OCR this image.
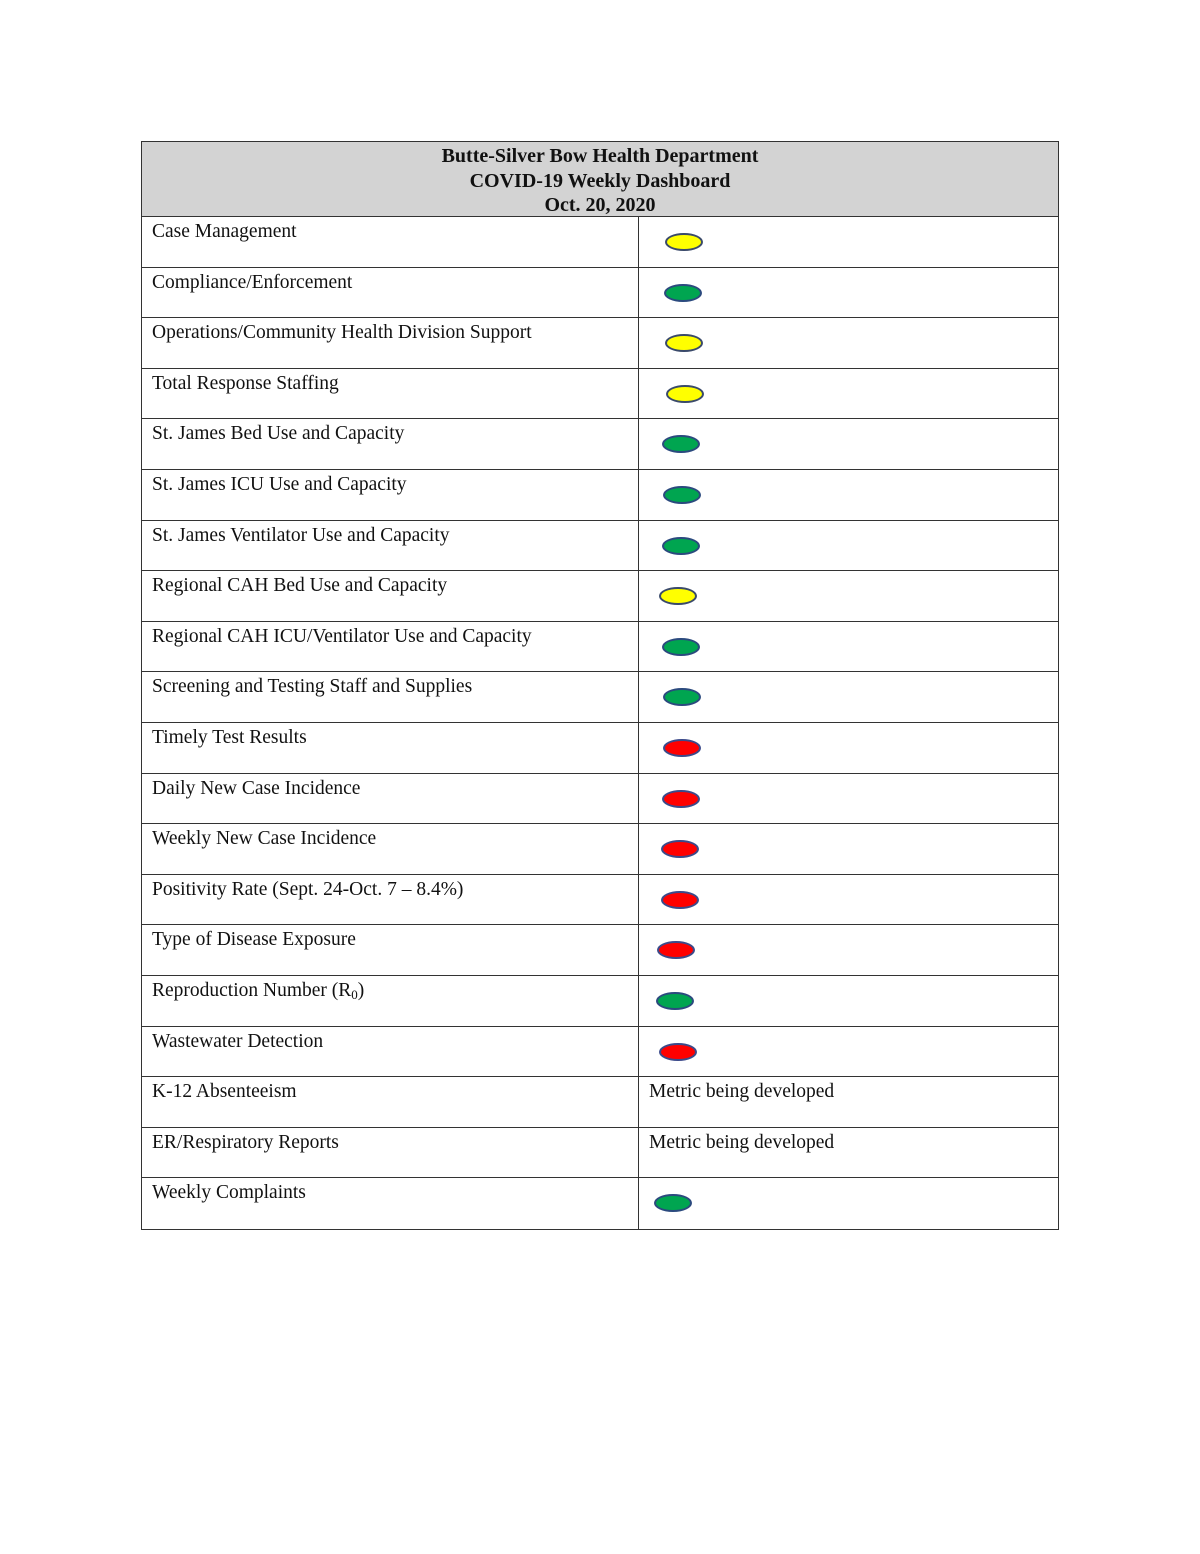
Butte-Silver Bow Health Department
COVID-19 Weekly Dashboard
Oct. 20, 2020
Case Management
Compliance/Enforcement
Operations/Community Health Division Support
Total Response Staffing
St. James Bed Use and Capacity
St. James ICU Use and Capacity
St. James Ventilator Use and Capacity
Regional CAH Bed Use and Capacity
Regional CAH ICU/Ventilator Use and Capacity
Screening and Testing Staff and Supplies
Timely Test Results
Daily New Case Incidence
Weekly New Case Incidence
Positivity Rate (Sept. 24-Oct. 7 – 8.4%)
Type of Disease Exposure
Reproduction Number $(R_0)$
Wastewater Detection
K-12 Absenteeism	Metric being developed
ER/Respiratory Reports	Metric being developed
Weekly Complaints
